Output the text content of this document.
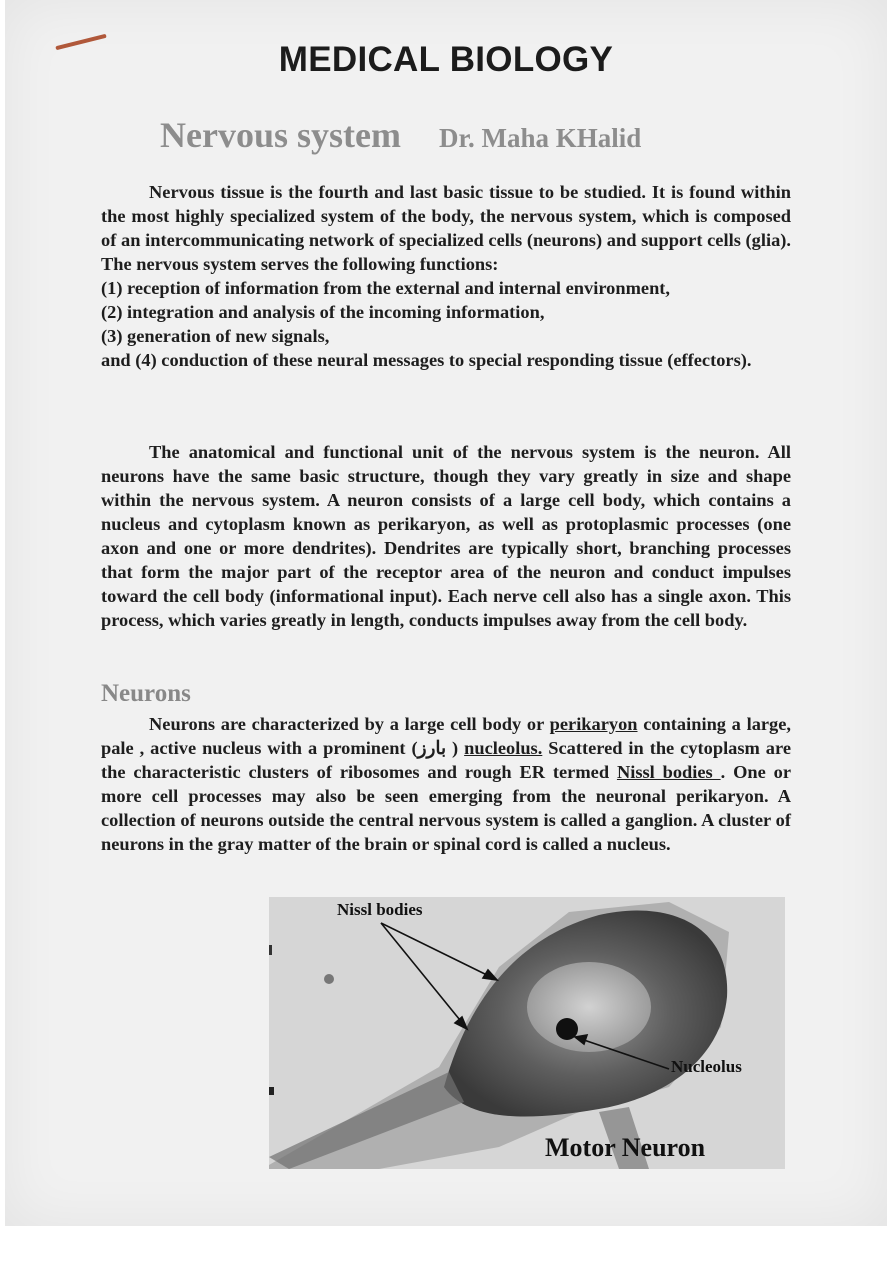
MEDICAL BIOLOGY
Nervous system Dr. Maha KHalid

Nervous tissue is the fourth and last basic tissue to be studied. It is found within the most highly specialized system of the body, the nervous system, which is composed of an intercommunicating network of specialized cells (neurons) and support cells (glia). The nervous system serves the following functions:

(1) reception of information from the external and internal environment,

(2) integration and analysis of the incoming information,

(3) generation of new signals,

and (4) conduction of these neural messages to special responding tissue (effectors).

The anatomical and functional unit of the nervous system is the neuron. All neurons have the same basic structure, though they vary greatly in size and shape within the nervous system. A neuron consists of a large cell body, which contains a nucleus and cytoplasm known as perikaryon, as well as protoplasmic processes (one axon and one or more dendrites). Dendrites are typically short, branching processes that form the major part of the receptor area of the neuron and conduct impulses toward the cell body (informational input). Each nerve cell also has a single axon. This process, which varies greatly in length, conducts impulses away from the cell body.

Neurons

Neurons are characterized by a large cell body or perikaryon containing a large, pale , active nucleus with a prominent (بارز ) nucleolus. Scattered in the cytoplasm are the characteristic clusters of ribosomes and rough ER termed Nissl bodies . One or more cell processes may also be seen emerging from the neuronal perikaryon. A collection of neurons outside the central nervous system is called a ganglion. A cluster of neurons in the gray matter of the brain or spinal cord is called a nucleus.

Nissl bodies
Nucleolus
Motor Neuron
